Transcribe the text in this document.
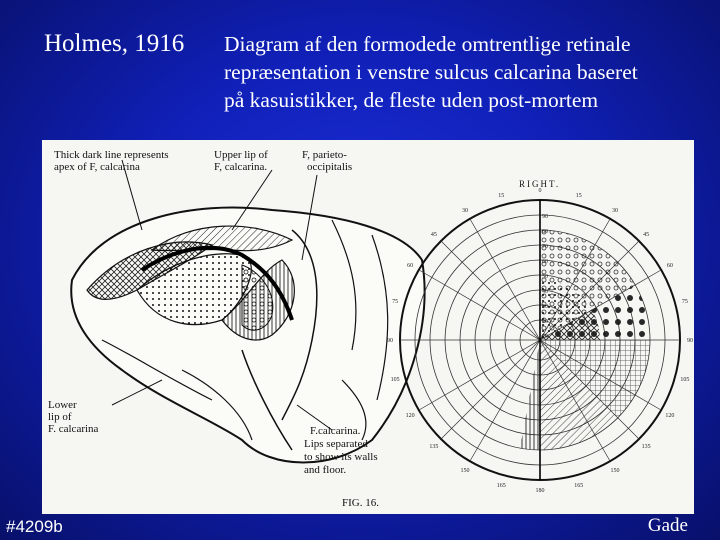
Holmes, 1916 Diagram af den formodede omtrentlige retinale
repræsentation i venstre sulcus calcarina baseret
på kasuistikker, de fleste uden post-mortem
15
0
15
30
45
60
75
90
105
120
135
150
165
180
165
150
135
120
105
90
75
60
45
30
90
80
70
60
50
40
30
20
10
Thick dark line represents
apex of F, calcarina
Upper lip of
F, calcarina.
F, parieto-
occipitalis
Lower
lip of
F. calcarina	F.calcarina.
Lips separated
to show its walls
and floor.
FIG. 16.
RIGHT.
#4209b	Gade
